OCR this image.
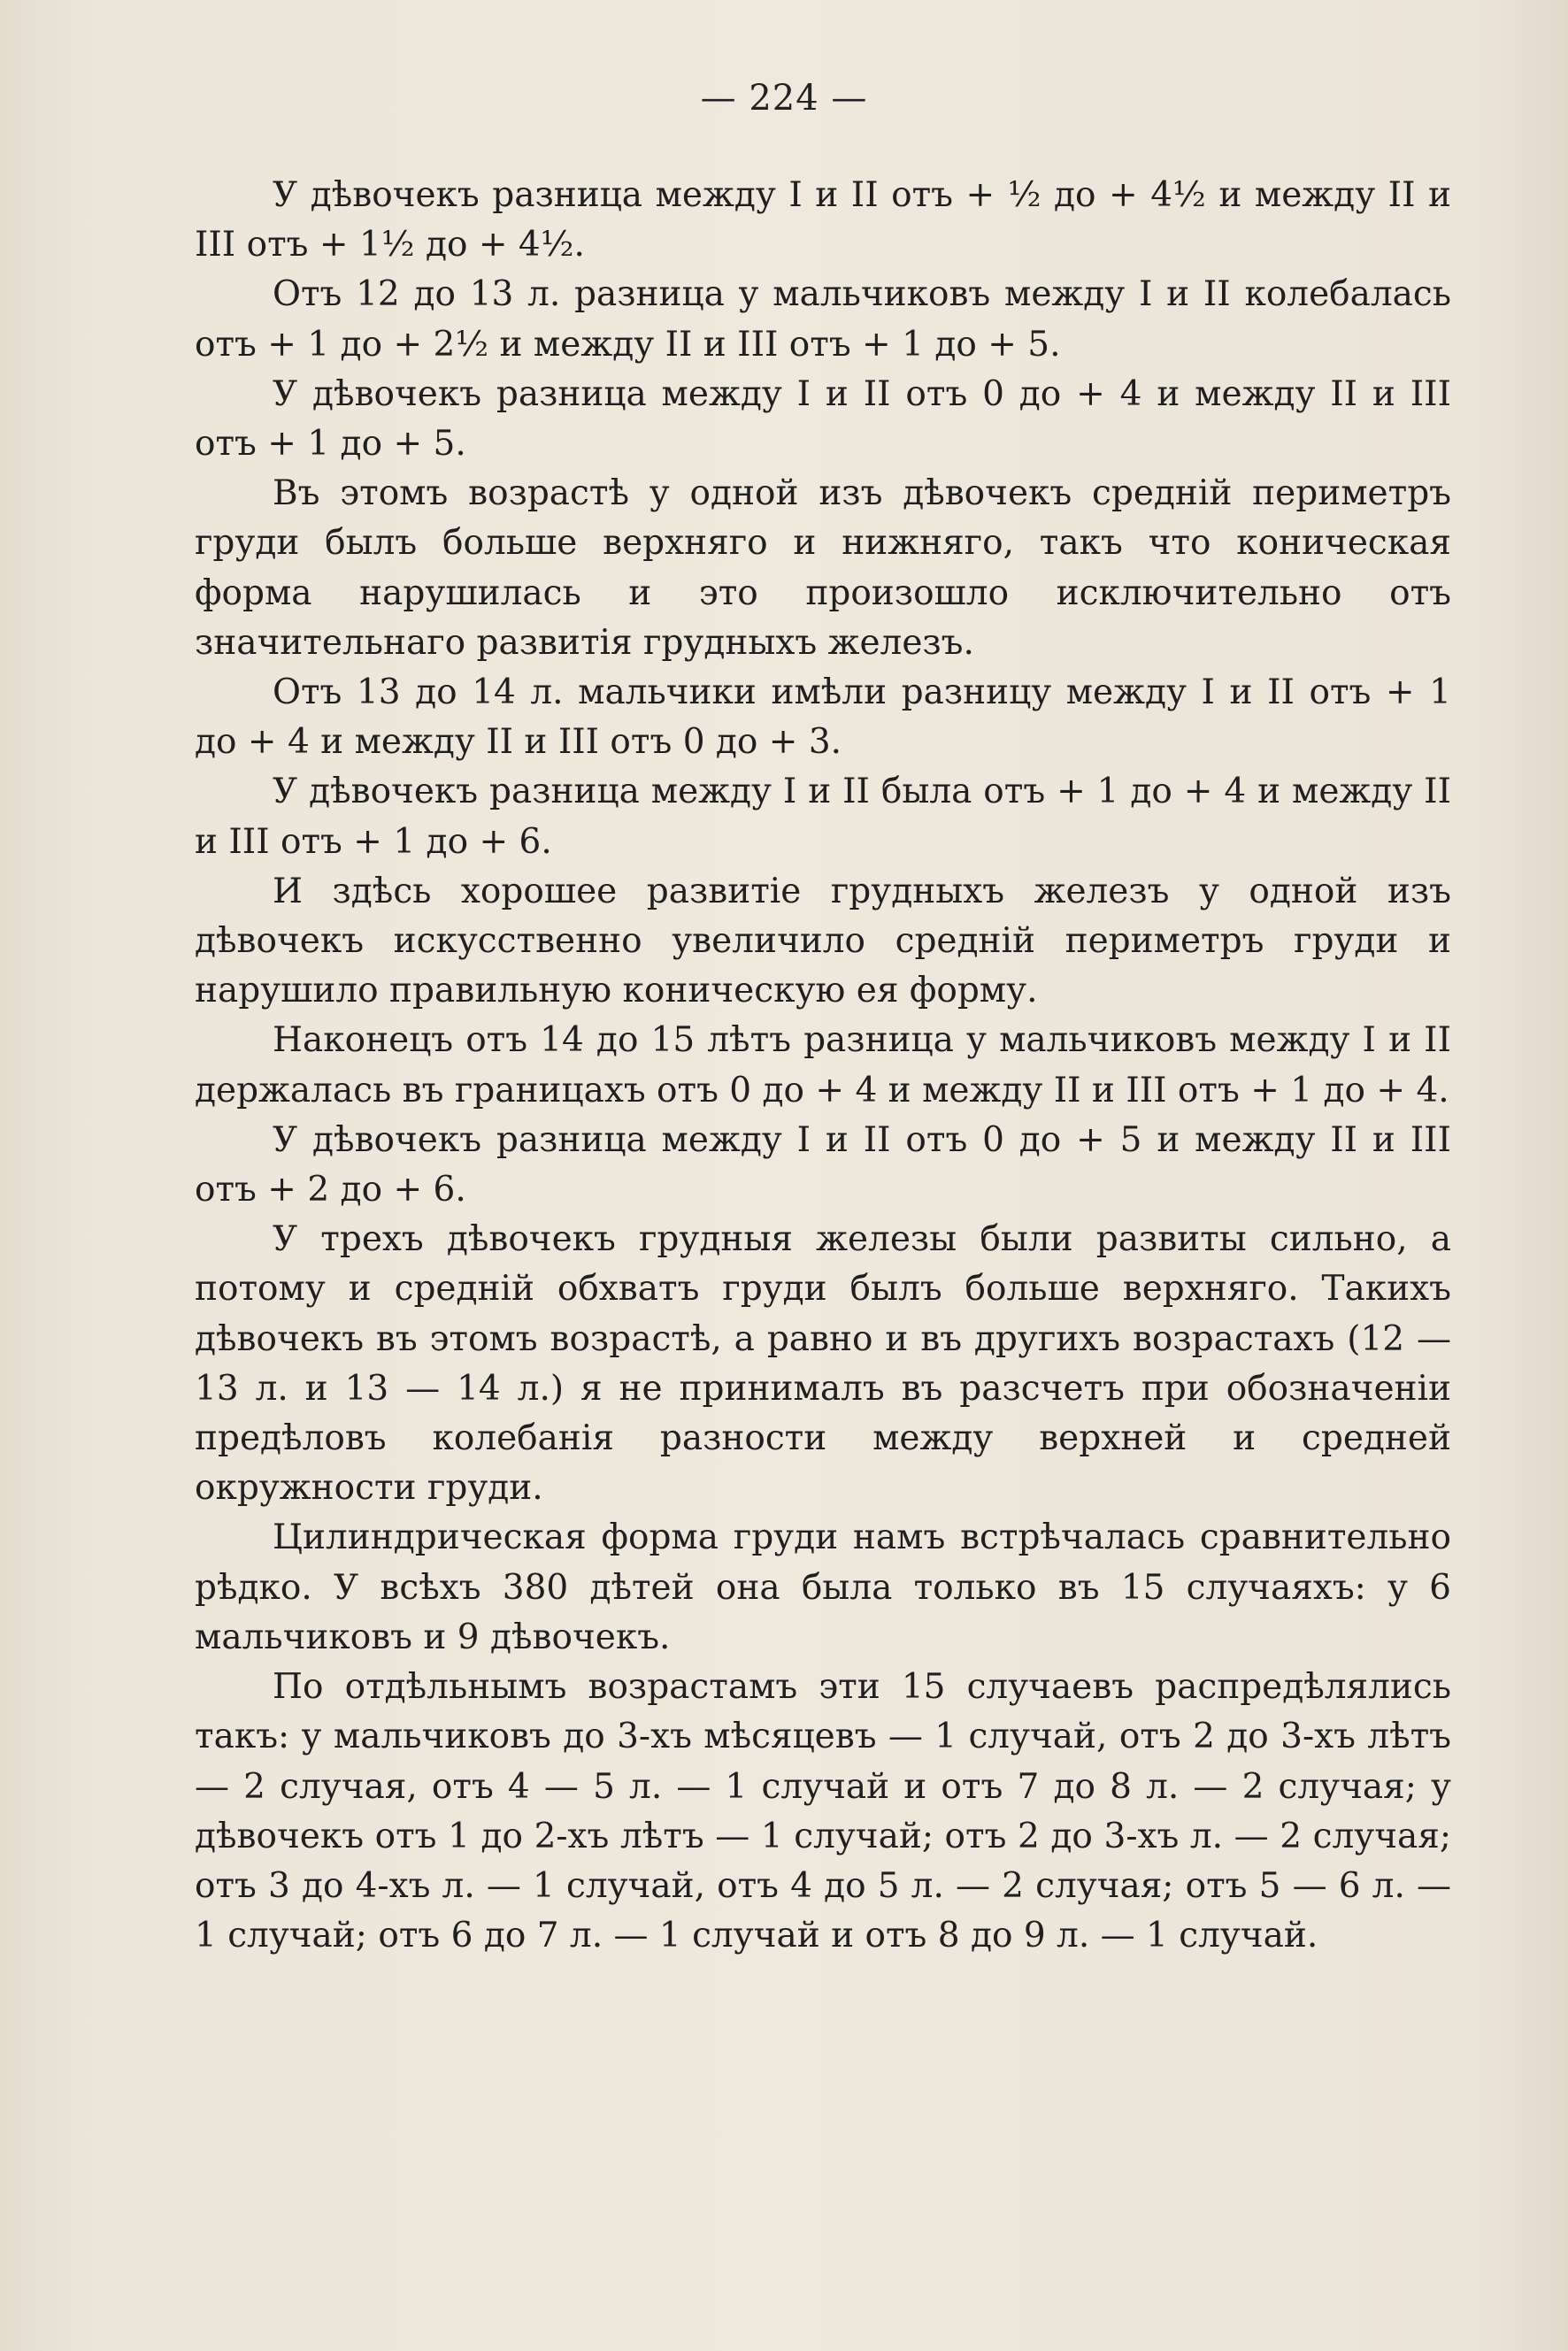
— 224 —

У дѣвочекъ разница между I и II отъ + ½ до + 4½ и между II и III отъ + 1½ до + 4½.

Отъ 12 до 13 л. разница у мальчиковъ между I и II колебалась отъ + 1 до + 2½ и между II и III отъ + 1 до + 5.

У дѣвочекъ разница между I и II отъ 0 до + 4 и между II и III отъ + 1 до + 5.

Въ этомъ возрастѣ у одной изъ дѣвочекъ среднiй периметръ груди былъ больше верхняго и нижняго, такъ что коническая форма нарушилась и это произошло исключительно отъ значительнаго развитiя грудныхъ железъ.

Отъ 13 до 14 л. мальчики имѣли разницу между I и II отъ + 1 до + 4 и между II и III отъ 0 до + 3.

У дѣвочекъ разница между I и II была отъ + 1 до + 4 и между II и III отъ + 1 до + 6.

И здѣсь хорошее развитiе грудныхъ железъ у одной изъ дѣвочекъ искусственно увеличило среднiй периметръ груди и нарушило правильную коническую ея форму.

Наконецъ отъ 14 до 15 лѣтъ разница у мальчиковъ между I и II держалась въ границахъ отъ 0 до + 4 и между II и III отъ + 1 до + 4.

У дѣвочекъ разница между I и II отъ 0 до + 5 и между II и III отъ + 2 до + 6.

У трехъ дѣвочекъ грудныя железы были развиты сильно, а потому и среднiй обхватъ груди былъ больше верхняго. Такихъ дѣвочекъ въ этомъ возрастѣ, а равно и въ другихъ возрастахъ (12 — 13 л. и 13 — 14 л.) я не принималъ въ разсчетъ при обозначенiи предѣловъ колебанiя разности между верхней и средней окружности груди.

Цилиндрическая форма груди намъ встрѣчалась сравнительно рѣдко. У всѣхъ 380 дѣтей она была только въ 15 случаяхъ: у 6 мальчиковъ и 9 дѣвочекъ.

По отдѣльнымъ возрастамъ эти 15 случаевъ распредѣлялись такъ: у мальчиковъ до 3-хъ мѣсяцевъ — 1 случай, отъ 2 до 3-хъ лѣтъ — 2 случая, отъ 4 — 5 л. — 1 случай и отъ 7 до 8 л. — 2 случая; у дѣвочекъ отъ 1 до 2-хъ лѣтъ — 1 случай; отъ 2 до 3-хъ л. — 2 случая; отъ 3 до 4-хъ л. — 1 случай, отъ 4 до 5 л. — 2 случая; отъ 5 — 6 л. — 1 случай; отъ 6 до 7 л. — 1 случай и отъ 8 до 9 л. — 1 случай.
